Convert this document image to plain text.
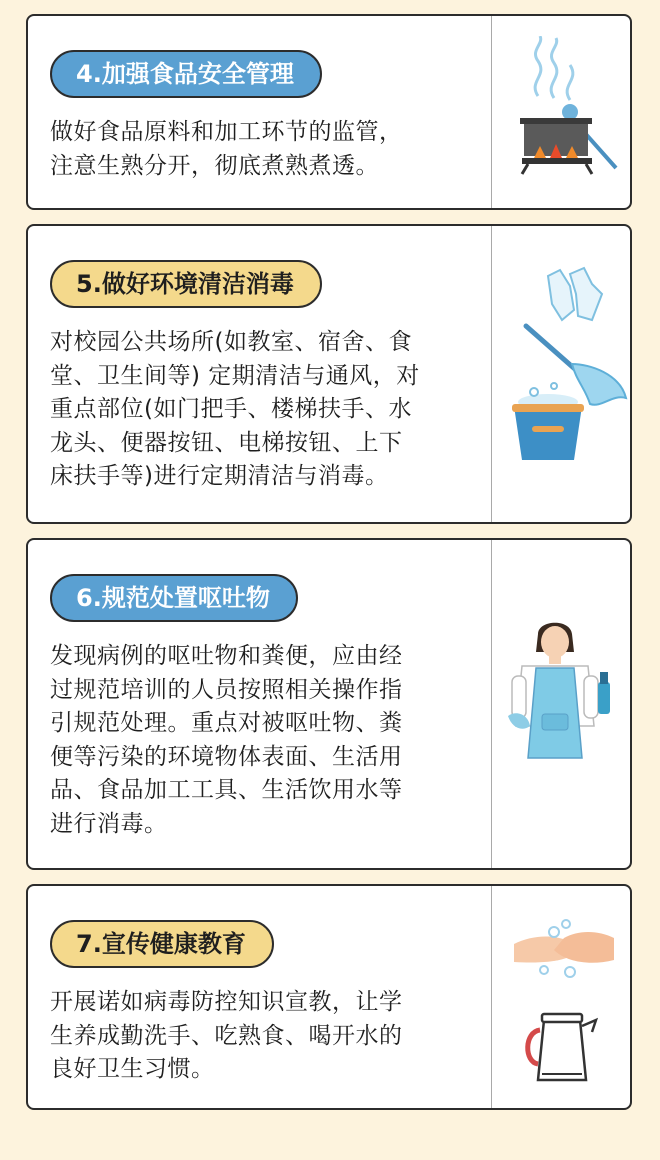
4.加强食品安全管理
做好食品原料和加工环节的监管，
注意生熟分开，彻底煮熟煮透。
5.做好环境清洁消毒
对校园公共场所(如教室、宿舍、食
堂、卫生间等) 定期清洁与通风，对
重点部位(如门把手、楼梯扶手、水
龙头、便器按钮、电梯按钮、上下
床扶手等)进行定期清洁与消毒。
6.规范处置呕吐物
发现病例的呕吐物和粪便，应由经
过规范培训的人员按照相关操作指
引规范处理。重点对被呕吐物、粪
便等污染的环境物体表面、生活用
品、食品加工工具、生活饮用水等
进行消毒。
7.宣传健康教育
开展诺如病毒防控知识宣教，让学
生养成勤洗手、吃熟食、喝开水的
良好卫生习惯。
